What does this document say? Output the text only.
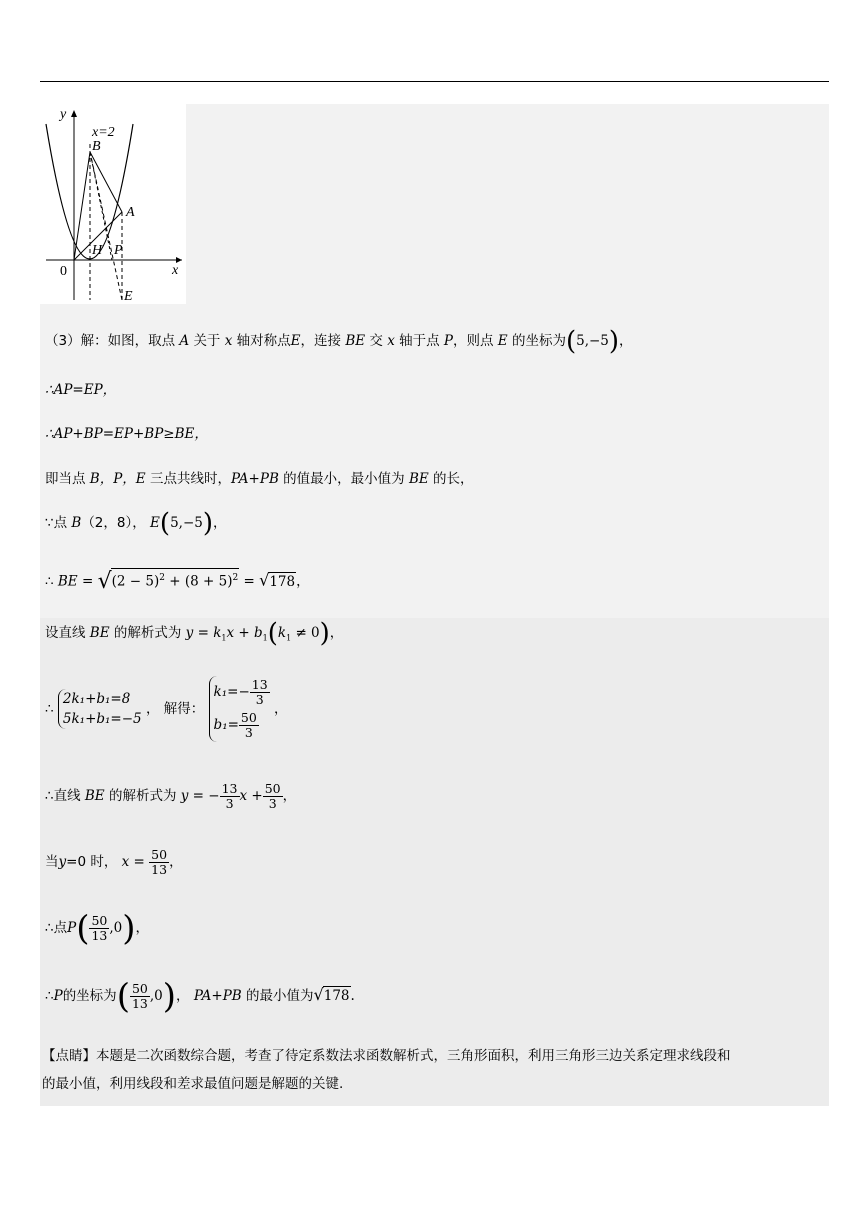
y
x
0
x=2
B
A
H P
E
（3）解：如图，取点 A 关于 x 轴对称点E，连接 BE 交 x 轴于点 P，则点 E 的坐标为(5,−5)，
∴AP=EP，
∴AP+BP=EP+BP≥BE，
即当点 B，P，E 三点共线时，PA+PB 的值最小，最小值为 BE 的长，
∵点 B（2，8）， E(5,−5)，
∴ BE = $√(2 - 5)^2 + (8 + 5)^2 = √178$，
设直线 BE 的解析式为 $y = k_1x + b_1(k_1 \ne 0)$，
∴
2k₁+b₁=8
5k₁+b₁=−5
， 解得：
$k_1=- \frac{13}{3}$
$b_1= \frac{50}{3}$
，
∴直线 BE 的解析式为 y = − $\frac{13}{3}$ $x + \frac{50}{3}$ ，
当y=0 时， $x = \frac{50}{13}$ ，
∴点$P( \frac{50}{13} ,0)$，
∴P的坐标为( $\frac{50}{13} ,0$)， PA+PB 的最小值为√178.
【点睛】本题是二次函数综合题，考查了待定系数法求函数解析式，三角形面积，利用三角形三边关系定理求线段和
的最小值，利用线段和差求最值问题是解题的关键.
